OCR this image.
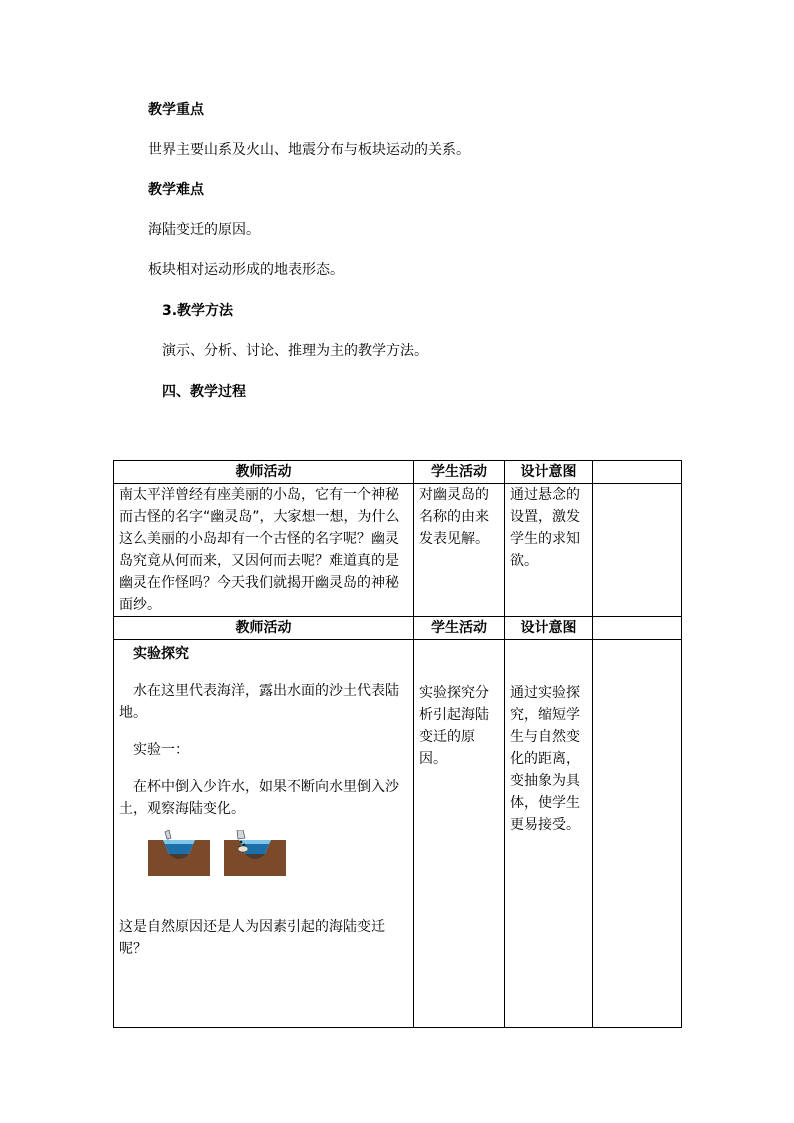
教学重点
世界主要山系及火山、地震分布与板块运动的关系。
教学难点
海陆变迁的原因。
板块相对运动形成的地表形态。
3.教学方法
演示、分析、讨论、推理为主的教学方法。
四、教学过程
教师活动	学生活动	设计意图	
南太平洋曾经有座美丽的小岛，它有一个神秘而古怪的名字“幽灵岛”，大家想一想，为什么这么美丽的小岛却有一个古怪的名字呢？幽灵岛究竟从何而来，又因何而去呢？难道真的是幽灵在作怪吗？今天我们就揭开幽灵岛的神秘面纱。	对幽灵岛的名称的由来发表见解。	通过悬念的设置，激发学生的求知欲。	
教师活动	学生活动	设计意图	

实验探究

水在这里代表海洋，露出水面的沙土代表陆地。

实验一：

在杯中倒入少许水，如果不断向水里倒入沙土，观察海陆变化。

这是自然原因还是人为因素引起的海陆变迁呢？	实验探究分析引起海陆变迁的原因。	通过实验探究，缩短学生与自然变化的距离，变抽象为具体，使学生更易接受。	
